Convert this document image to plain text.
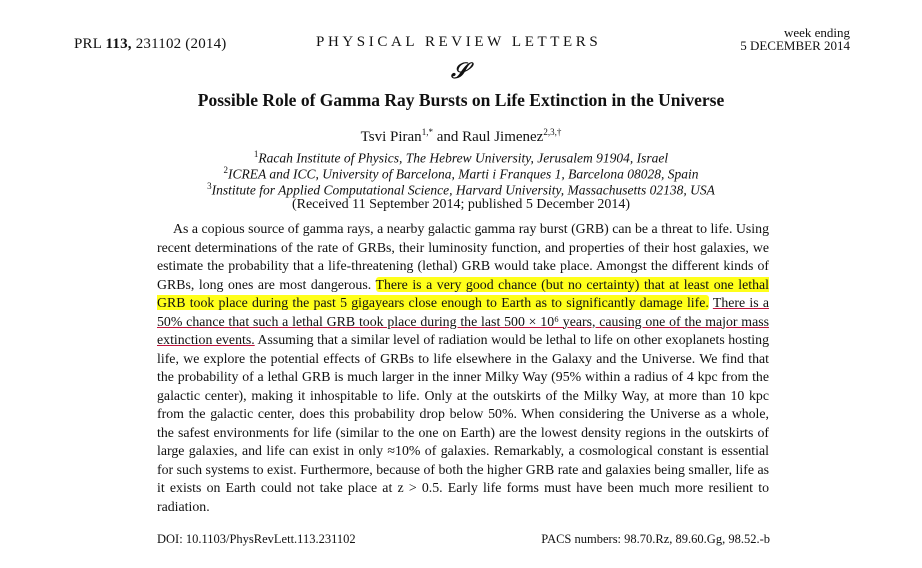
PRL 113, 231102 (2014)	PHYSICAL REVIEW LETTERS
week ending
5 DECEMBER 2014
𝒮
Possible Role of Gamma Ray Bursts on Life Extinction in the Universe
Tsvi Piran$^{1,*}$ and Raul Jimenez$^{2,3,\dagger}$
$^1$Racah Institute of Physics, The Hebrew University, Jerusalem 91904, Israel
$^2$ICREA and ICC, University of Barcelona, Marti i Franques 1, Barcelona 08028, Spain
$^3$Institute for Applied Computational Science, Harvard University, Massachusetts 02138, USA
(Received 11 September 2014; published 5 December 2014)
As a copious source of gamma rays, a nearby galactic gamma ray burst (GRB) can be a threat to life. Using recent determinations of the rate of GRBs, their luminosity function, and properties of their host galaxies, we estimate the probability that a life-threatening (lethal) GRB would take place. Amongst the different kinds of GRBs, long ones are most dangerous. There is a very good chance (but no certainty) that at least one lethal GRB took place during the past 5 gigayears close enough to Earth as to significantly damage life. There is a 50% chance that such a lethal GRB took place during the last 500 × 10⁶ years, causing one of the major mass extinction events. Assuming that a similar level of radiation would be lethal to life on other exoplanets hosting life, we explore the potential effects of GRBs to life elsewhere in the Galaxy and the Universe. We find that the probability of a lethal GRB is much larger in the inner Milky Way (95% within a radius of 4 kpc from the galactic center), making it inhospitable to life. Only at the outskirts of the Milky Way, at more than 10 kpc from the galactic center, does this probability drop below 50%. When considering the Universe as a whole, the safest environments for life (similar to the one on Earth) are the lowest density regions in the outskirts of large galaxies, and life can exist in only ≈10% of galaxies. Remarkably, a cosmological constant is essential for such systems to exist. Furthermore, because of both the higher GRB rate and galaxies being smaller, life as it exists on Earth could not take place at z > 0.5. Early life forms must have been much more resilient to radiation.
DOI: 10.1103/PhysRevLett.113.231102	PACS numbers: 98.70.Rz, 89.60.Gg, 98.52.-b
